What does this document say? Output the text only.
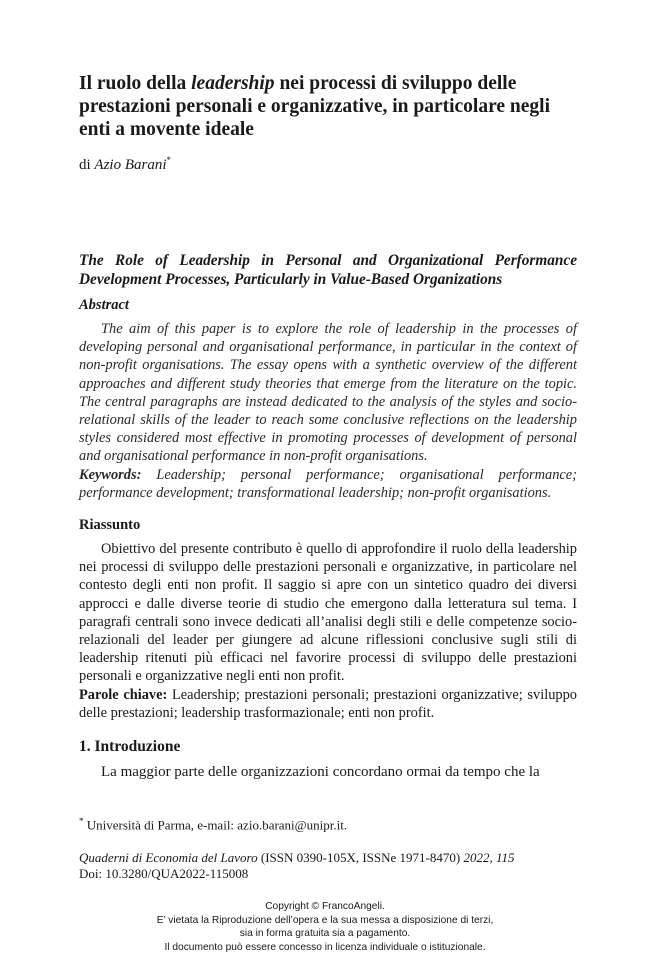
Il ruolo della leadership nei processi di sviluppo delle prestazioni personali e organizzative, in particolare negli enti a movente ideale
di Azio Barani*
The Role of Leadership in Personal and Organizational Performance Development Processes, Particularly in Value-Based Organizations
Abstract
The aim of this paper is to explore the role of leadership in the processes of developing personal and organisational performance, in particular in the context of non-profit organisations. The essay opens with a synthetic overview of the different approaches and different study theories that emerge from the literature on the topic. The central paragraphs are instead dedicated to the analysis of the styles and socio-relational skills of the leader to reach some conclusive reflections on the leadership styles considered most effective in promoting processes of development of personal and organisational performance in non-profit organisations.
Keywords: Leadership; personal performance; organisational performance; performance development; transformational leadership; non-profit organisations.
Riassunto
Obiettivo del presente contributo è quello di approfondire il ruolo della leadership nei processi di sviluppo delle prestazioni personali e organizzative, in particolare nel contesto degli enti non profit. Il saggio si apre con un sintetico quadro dei diversi approcci e dalle diverse teorie di studio che emergono dalla letteratura sul tema. I paragrafi centrali sono invece dedicati all’analisi degli stili e delle competenze socio-relazionali del leader per giungere ad alcune riflessioni conclusive sugli stili di leadership ritenuti più efficaci nel favorire processi di sviluppo delle prestazioni personali e organizzative negli enti non profit.
Parole chiave: Leadership; prestazioni personali; prestazioni organizzative; sviluppo delle prestazioni; leadership trasformazionale; enti non profit.
1. Introduzione
La maggior parte delle organizzazioni concordano ormai da tempo che la
* Università di Parma, e-mail: azio.barani@unipr.it.
Quaderni di Economia del Lavoro (ISSN 0390-105X, ISSNe 1971-8470) 2022, 115
Doi: 10.3280/QUA2022-115008
Copyright © FrancoAngeli.
E’ vietata la Riproduzione dell’opera e la sua messa a disposizione di terzi,
sia in forma gratuita sia a pagamento.
Il documento può essere concesso in licenza individuale o istituzionale.
